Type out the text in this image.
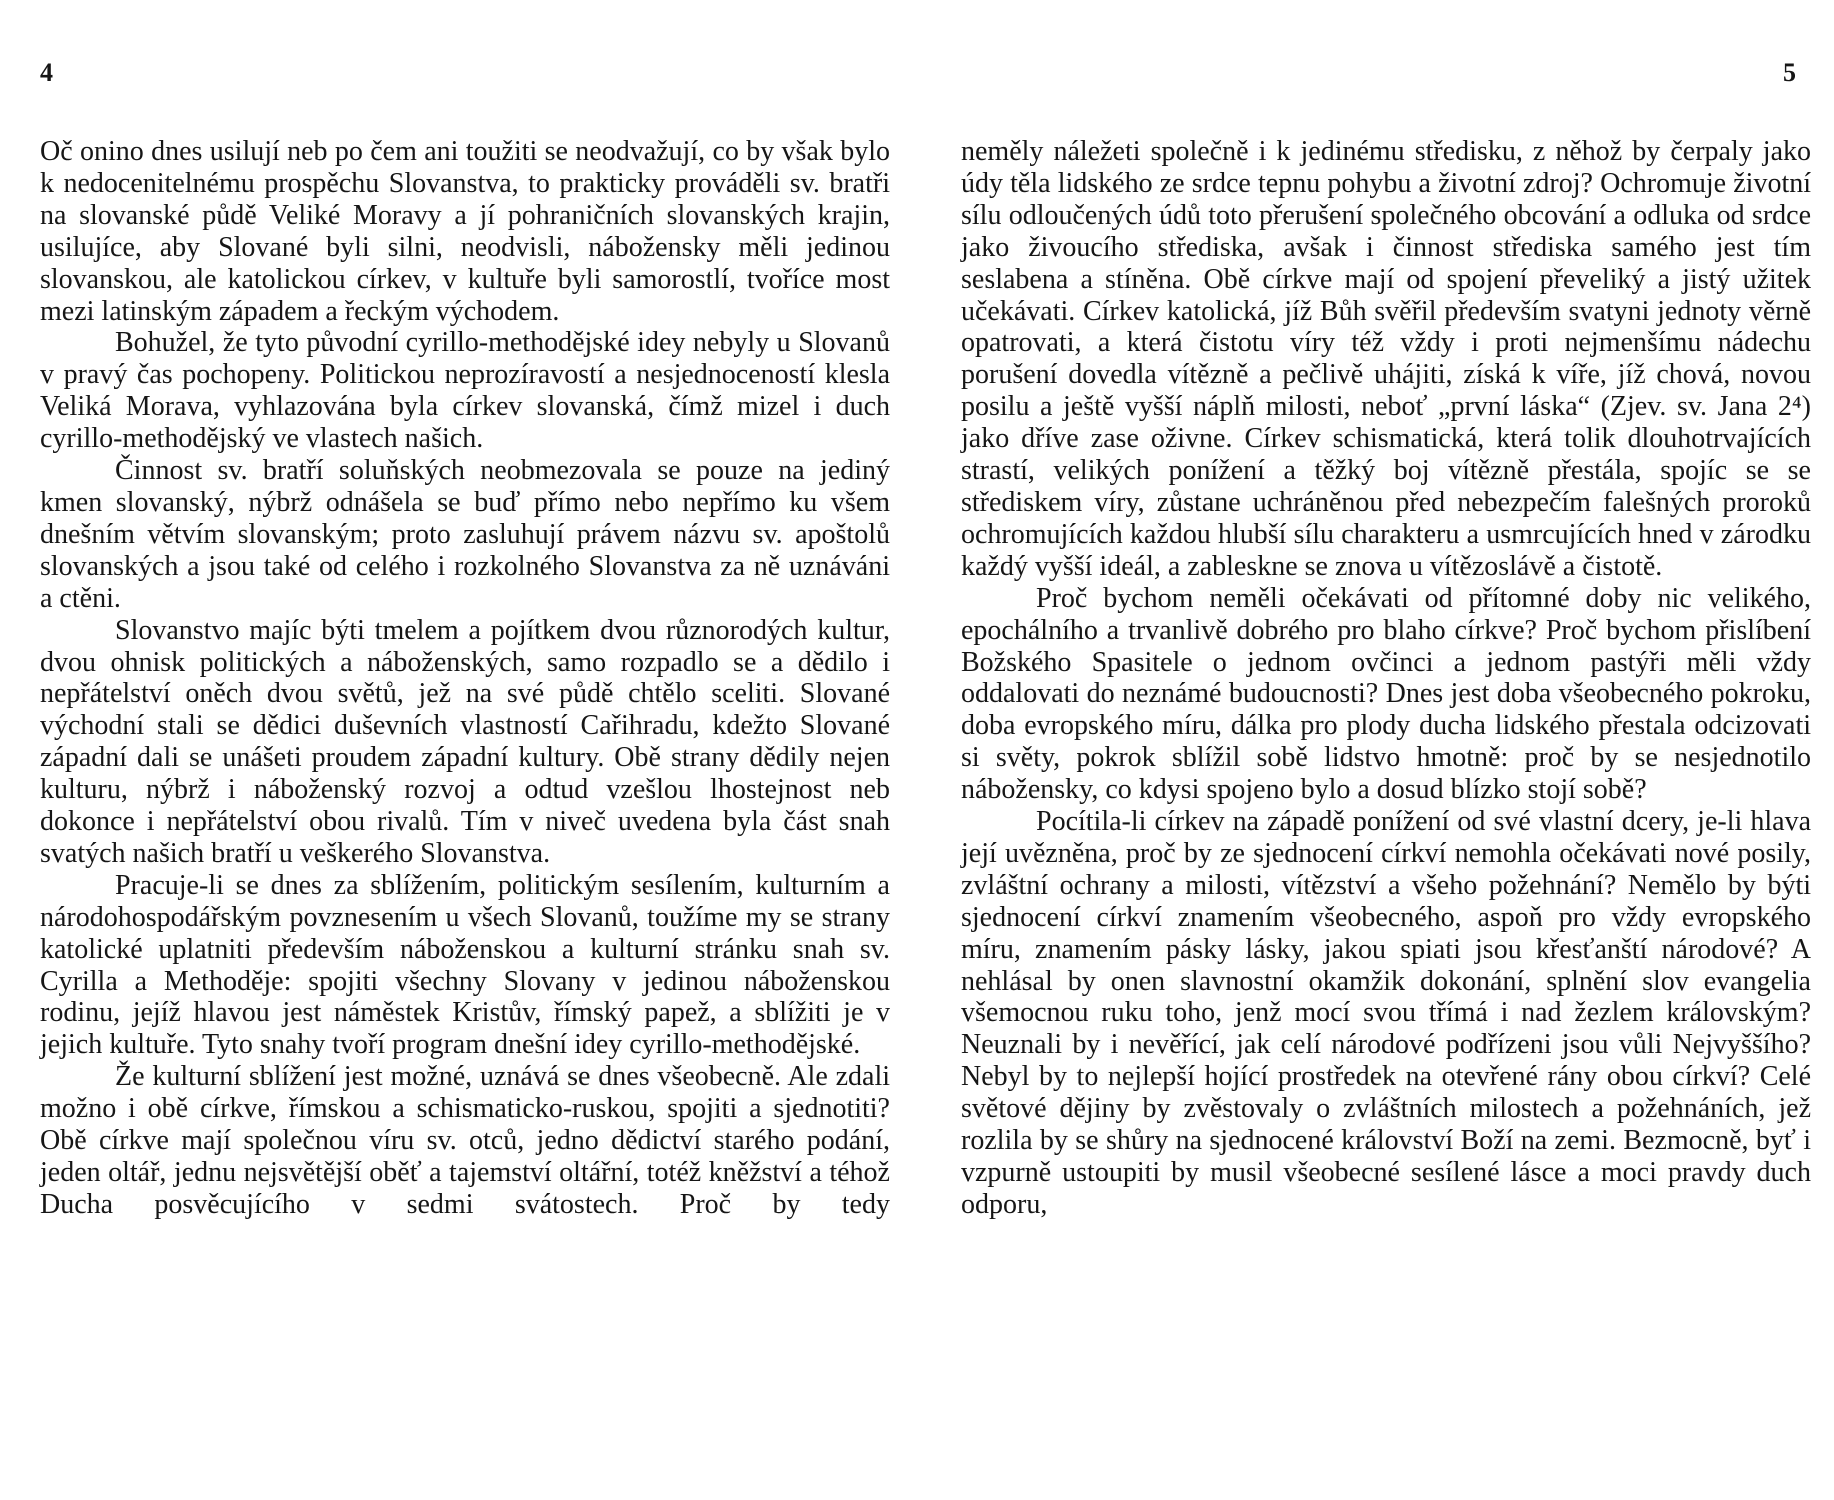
4	5

Oč onino dnes usilují neb po čem ani toužiti se neodvažují, co by však bylo k nedocenitelnému prospěchu Slovanstva, to prakticky prováděli sv. bratři na slovanské půdě Veliké Moravy a jí pohraničních slovanských krajin, usilujíce, aby Slované byli silni, neodvisli, nábožensky měli jedinou slovanskou, ale katolickou církev, v kultuře byli samorostlí, tvoříce most mezi latinským západem a řeckým východem.

Bohužel, že tyto původní cyrillo-methodějské idey nebyly u Slovanů v pravý čas pochopeny. Politickou neprozíravostí a nesjednoceností klesla Veliká Morava, vyhlazována byla církev slovanská, čímž mizel i duch cyrillo-methodějský ve vlastech našich.

Činnost sv. bratří soluňských neobmezovala se pouze na jediný kmen slovanský, nýbrž odnášela se buď přímo nebo nepřímo ku všem dnešním větvím slovanským; proto zasluhují právem názvu sv. apoštolů slovanských a jsou také od celého i rozkolného Slovanstva za ně uznáváni a ctěni.

Slovanstvo majíc býti tmelem a pojítkem dvou různorodých kultur, dvou ohnisk politických a náboženských, samo rozpadlo se a dědilo i nepřátelství oněch dvou světů, jež na své půdě chtělo sceliti. Slované východní stali se dědici duševních vlastností Cařihradu, kdežto Slované západní dali se unášeti proudem západní kultury. Obě strany dědily nejen kulturu, nýbrž i náboženský rozvoj a odtud vzešlou lhostejnost neb dokonce i nepřátelství obou rivalů. Tím v niveč uvedena byla část snah svatých našich bratří u veškerého Slovanstva.

Pracuje-li se dnes za sblížením, politickým sesílením, kulturním a národohospodářským povznesením u všech Slovanů, toužíme my se strany katolické uplatniti především náboženskou a kulturní stránku snah sv. Cyrilla a Methoděje: spojiti všechny Slovany v jedinou náboženskou rodinu, jejíž hlavou jest náměstek Kristův, římský papež, a sblížiti je v jejich kultuře. Tyto snahy tvoří program dnešní idey cyrillo-methodějské.

Že kulturní sblížení jest možné, uznává se dnes všeobecně. Ale zdali možno i obě církve, římskou a schismaticko-ruskou, spojiti a sjednotiti? Obě církve mají společnou víru sv. otců, jedno dědictví starého podání, jeden oltář, jednu nejsvětější oběť a tajemství oltářní, totéž kněžství a téhož Ducha posvěcujícího v sedmi svátostech. Proč by tedy

neměly náležeti společně i k jedinému středisku, z něhož by čerpaly jako údy těla lidského ze srdce tepnu pohybu a životní zdroj? Ochromuje životní sílu odloučených údů toto přerušení společného obcování a odluka od srdce jako živoucího střediska, avšak i činnost střediska samého jest tím seslabena a stíněna. Obě církve mají od spojení převeliký a jistý užitek učekávati. Církev katolická, jíž Bůh svěřil především svatyni jednoty věrně opatrovati, a která čistotu víry též vždy i proti nejmenšímu nádechu porušení dovedla vítězně a pečlivě uhájiti, získá k víře, jíž chová, novou posilu a ještě vyšší náplň milosti, neboť „první láska“ (Zjev. sv. Jana 2⁴) jako dříve zase oživne. Církev schismatická, která tolik dlouhotrvajících strastí, velikých ponížení a těžký boj vítězně přestála, spojíc se se střediskem víry, zůstane uchráněnou před nebezpečím falešných proroků ochromujících každou hlubší sílu charakteru a usmrcujících hned v zárodku každý vyšší ideál, a zableskne se znova u vítězoslávě a čistotě.

Proč bychom neměli očekávati od přítomné doby nic velikého, epochálního a trvanlivě dobrého pro blaho církve? Proč bychom přislíbení Božského Spasitele o jednom ovčinci a jednom pastýři měli vždy oddalovati do neznámé budoucnosti? Dnes jest doba všeobecného pokroku, doba evropského míru, dálka pro plody ducha lidského přestala odcizovati si světy, pokrok sblížil sobě lidstvo hmotně: proč by se nesjednotilo nábožensky, co kdysi spojeno bylo a dosud blízko stojí sobě?

Pocítila-li církev na západě ponížení od své vlastní dcery, je-li hlava její uvězněna, proč by ze sjednocení církví nemohla očekávati nové posily, zvláštní ochrany a milosti, vítězství a všeho požehnání? Nemělo by býti sjednocení církví znamením všeobecného, aspoň pro vždy evropského míru, znamením pásky lásky, jakou spiati jsou křesťanští národové? A nehlásal by onen slavnostní okamžik dokonání, splnění slov evangelia všemocnou ruku toho, jenž mocí svou třímá i nad žezlem královským? Neuznali by i nevěřící, jak celí národové podřízeni jsou vůli Nejvyššího? Nebyl by to nejlepší hojící prostředek na otevřené rány obou církví? Celé světové dějiny by zvěstovaly o zvláštních milostech a požehnáních, jež rozlila by se shůry na sjednocené království Boží na zemi. Bezmocně, byť i vzpurně ustoupiti by musil všeobecné sesílené lásce a moci pravdy duch odporu,
